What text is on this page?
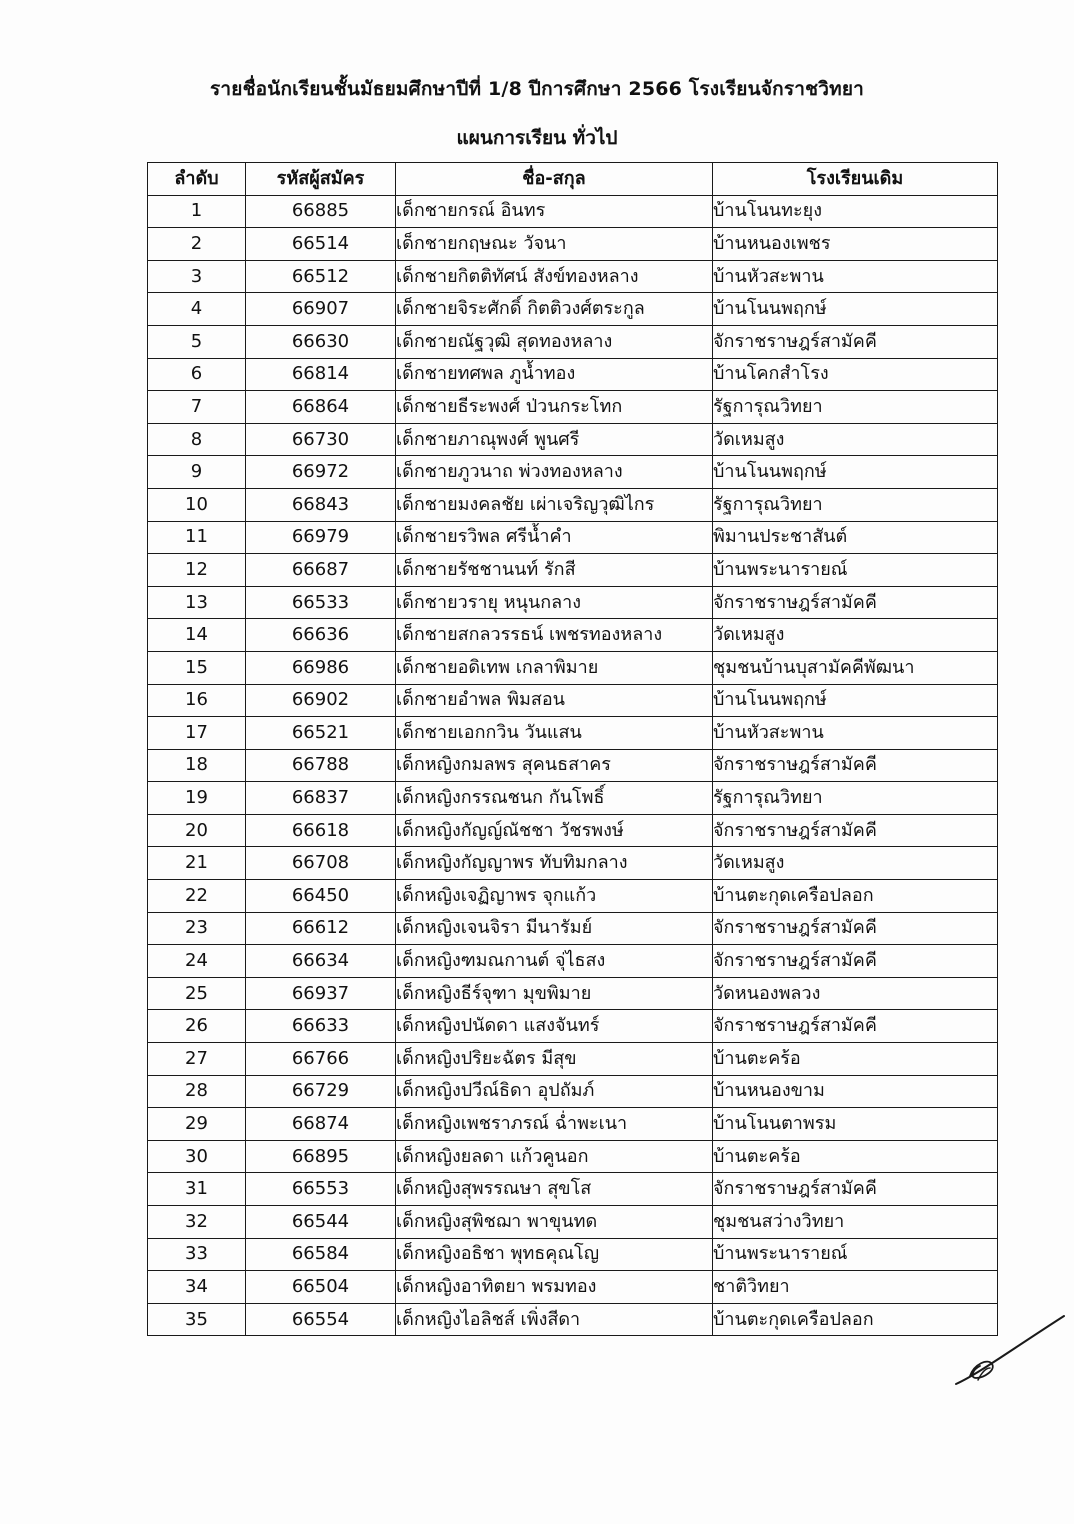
รายชื่อนักเรียนชั้นมัธยมศึกษาปีที่ 1/8 ปีการศึกษา 2566 โรงเรียนจักราชวิทยา
แผนการเรียน ทั่วไป
ลำดับ	รหัสผู้สมัคร	ชื่อ-สกุล	โรงเรียนเดิม
1	66885	เด็กชายกรณ์ อินทร	บ้านโนนทะยุง
2	66514	เด็กชายกฤษณะ วัจนา	บ้านหนองเพชร
3	66512	เด็กชายกิตติทัศน์ สังข์ทองหลาง	บ้านหัวสะพาน
4	66907	เด็กชายจิระศักดิ์ กิตติวงศ์ตระกูล	บ้านโนนพฤกษ์
5	66630	เด็กชายณัฐวุฒิ สุดทองหลาง	จักราชราษฎร์สามัคคี
6	66814	เด็กชายทศพล ภูน้ำทอง	บ้านโคกสำโรง
7	66864	เด็กชายธีระพงศ์ ป่วนกระโทก	รัฐการุณวิทยา
8	66730	เด็กชายภาณุพงศ์ พูนศรี	วัดเหมสูง
9	66972	เด็กชายภูวนาถ พ่วงทองหลาง	บ้านโนนพฤกษ์
10	66843	เด็กชายมงคลชัย เผ่าเจริญวุฒิไกร	รัฐการุณวิทยา
11	66979	เด็กชายรวิพล ศรีน้ำคำ	พิมานประชาสันต์
12	66687	เด็กชายรัชชานนท์ รักสี	บ้านพระนารายณ์
13	66533	เด็กชายวรายุ หนุนกลาง	จักราชราษฎร์สามัคคี
14	66636	เด็กชายสกลวรรธน์ เพชรทองหลาง	วัดเหมสูง
15	66986	เด็กชายอดิเทพ เกลาพิมาย	ชุมชนบ้านบุสามัคคีพัฒนา
16	66902	เด็กชายอำพล พิมสอน	บ้านโนนพฤกษ์
17	66521	เด็กชายเอกกวิน วันแสน	บ้านหัวสะพาน
18	66788	เด็กหญิงกมลพร สุคนธสาคร	จักราชราษฎร์สามัคคี
19	66837	เด็กหญิงกรรณชนก กันโพธิ์	รัฐการุณวิทยา
20	66618	เด็กหญิงกัญญ์ณัชชา วัชรพงษ์	จักราชราษฎร์สามัคคี
21	66708	เด็กหญิงกัญญาพร ทับทิมกลาง	วัดเหมสูง
22	66450	เด็กหญิงเจฏิญาพร จุกแก้ว	บ้านตะกุดเครือปลอก
23	66612	เด็กหญิงเจนจิรา มีนารัมย์	จักราชราษฎร์สามัคคี
24	66634	เด็กหญิงฑมณกานต์ จุ่ไธสง	จักราชราษฎร์สามัคคี
25	66937	เด็กหญิงธีร์จุฑา มุขพิมาย	วัดหนองพลวง
26	66633	เด็กหญิงปนัดดา แสงจันทร์	จักราชราษฎร์สามัคคี
27	66766	เด็กหญิงปริยะฉัตร มีสุข	บ้านตะคร้อ
28	66729	เด็กหญิงปวีณ์ธิดา อุปถัมภ์	บ้านหนองขาม
29	66874	เด็กหญิงเพชราภรณ์ ฉ่ำพะเนา	บ้านโนนตาพรม
30	66895	เด็กหญิงยลดา แก้วคูนอก	บ้านตะคร้อ
31	66553	เด็กหญิงสุพรรณษา สุขโส	จักราชราษฎร์สามัคคี
32	66544	เด็กหญิงสุพิชฌา พาขุนทด	ชุมชนสว่างวิทยา
33	66584	เด็กหญิงอธิชา พุทธคุณโญ	บ้านพระนารายณ์
34	66504	เด็กหญิงอาทิตยา พรมทอง	ชาติวิทยา
35	66554	เด็กหญิงไอลิชส์ เพิ่งสีดา	บ้านตะกุดเครือปลอก
